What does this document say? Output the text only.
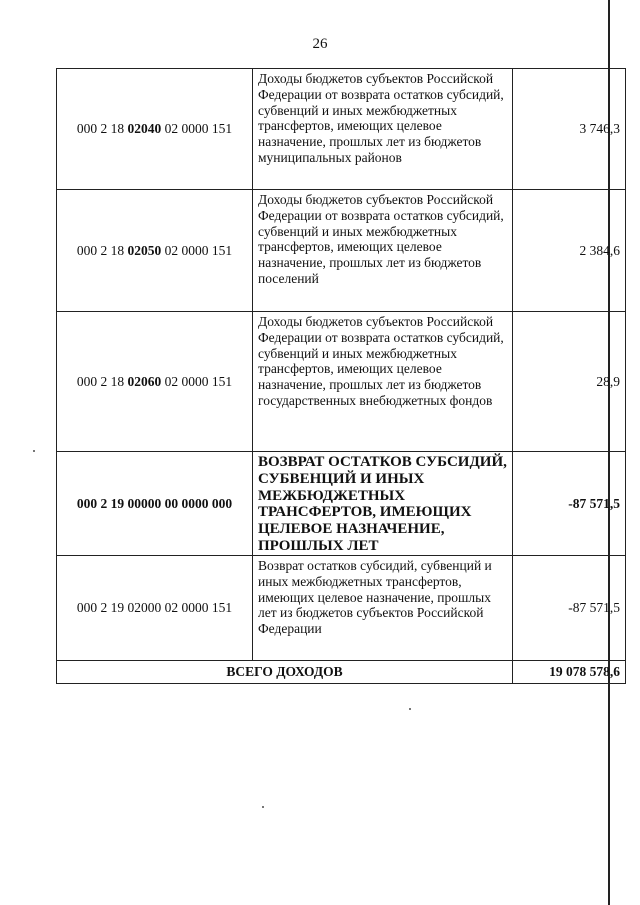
26
000 2 18 02040 02 0000 151	Доходы бюджетов субъектов Российской Федерации от возврата остатков субсидий, субвенций и иных межбюджетных трансфертов, имеющих целевое назначение, прошлых лет из бюджетов муниципальных районов	3 746,3
000 2 18 02050 02 0000 151	Доходы бюджетов субъектов Российской Федерации от возврата остатков субсидий, субвенций и иных межбюджетных трансфертов, имеющих целевое назначение, прошлых лет из бюджетов поселений	2 384,6
000 2 18 02060 02 0000 151	Доходы бюджетов субъектов Российской Федерации от возврата остатков субсидий, субвенций и иных межбюджетных трансфертов, имеющих целевое назначение, прошлых лет из бюджетов государственных внебюджетных фондов	28,9
000 2 19 00000 00 0000 000	ВОЗВРАТ ОСТАТКОВ СУБСИДИЙ, СУБВЕНЦИЙ И ИНЫХ МЕЖБЮДЖЕТНЫХ ТРАНСФЕРТОВ, ИМЕЮЩИХ ЦЕЛЕВОЕ НАЗНАЧЕНИЕ, ПРОШЛЫХ ЛЕТ	-87 571,5
000 2 19 02000 02 0000 151	Возврат остатков субсидий, субвенций и иных межбюджетных трансфертов, имеющих целевое назначение, прошлых лет из бюджетов субъектов Российской Федерации	-87 571,5
ВСЕГО ДОХОДОВ		19 078 578,6
